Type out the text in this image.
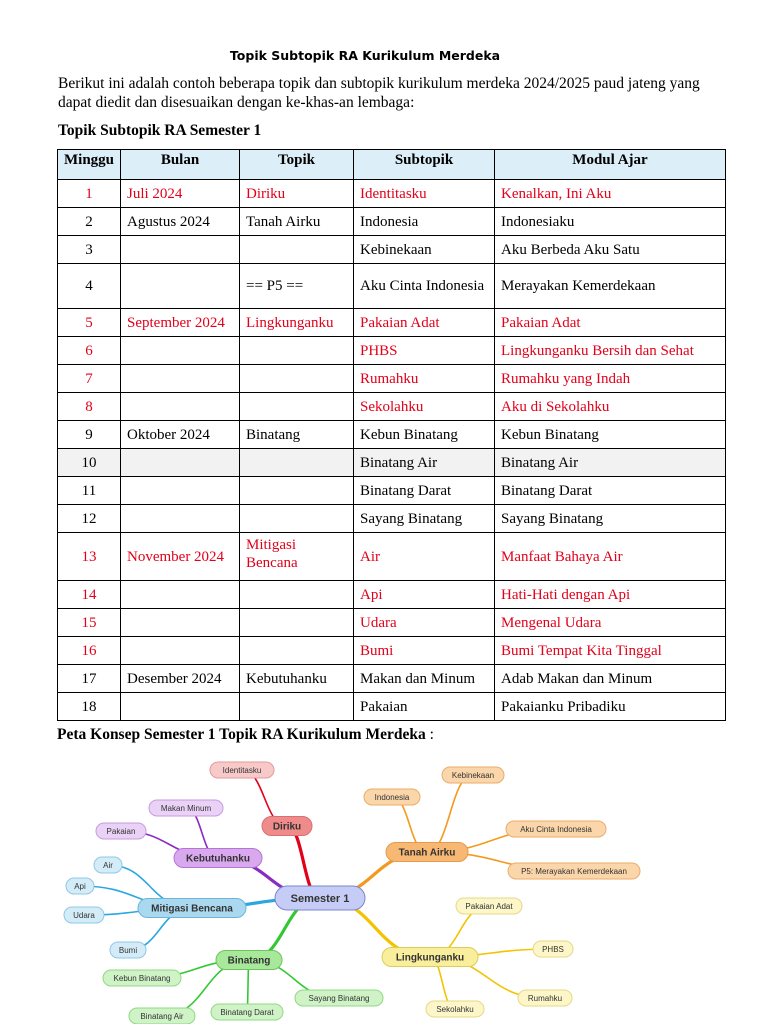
Topik Subtopik RA Kurikulum Merdeka
Berikut ini adalah contoh beberapa topik dan subtopik kurikulum merdeka 2024/2025 paud jateng yang dapat diedit dan disesuaikan dengan ke-khas-an lembaga:
Topik Subtopik RA Semester 1
Minggu	Bulan	Topik	Subtopik	Modul Ajar
1	Juli 2024	Diriku	Identitasku	Kenalkan, Ini Aku
2	Agustus 2024	Tanah Airku	Indonesia	Indonesiaku
3			Kebinekaan	Aku Berbeda Aku Satu
4		== P5 ==	Aku Cinta Indonesia	Merayakan Kemerdekaan
5	September 2024	Lingkunganku	Pakaian Adat	Pakaian Adat
6			PHBS	Lingkunganku Bersih dan Sehat
7			Rumahku	Rumahku yang Indah
8			Sekolahku	Aku di Sekolahku
9	Oktober 2024	Binatang	Kebun Binatang	Kebun Binatang
10			Binatang Air	Binatang Air
11			Binatang Darat	Binatang Darat
12			Sayang Binatang	Sayang Binatang
13	November 2024	Mitigasi Bencana	Air	Manfaat Bahaya Air
14			Api	Hati-Hati dengan Api
15			Udara	Mengenal Udara
16			Bumi	Bumi Tempat Kita Tinggal
17	Desember 2024	Kebutuhanku	Makan dan Minum	Adab Makan dan Minum
18			Pakaian	Pakaianku Pribadiku
Peta Konsep Semester 1 Topik RA Kurikulum Merdeka :
Semester 1
Diriku
Identitasku
Tanah Airku
Indonesia
Kebinekaan
Aku Cinta Indonesia
P5: Merayakan Kemerdekaan
Kebutuhanku
Makan Minum
Pakaian
Mitigasi Bencana
Air
Api
Udara
Bumi
Lingkunganku
Pakaian Adat
PHBS
Rumahku
Sekolahku
Binatang
Kebun Binatang
Binatang Air	Binatang Darat
Sayang Binatang
